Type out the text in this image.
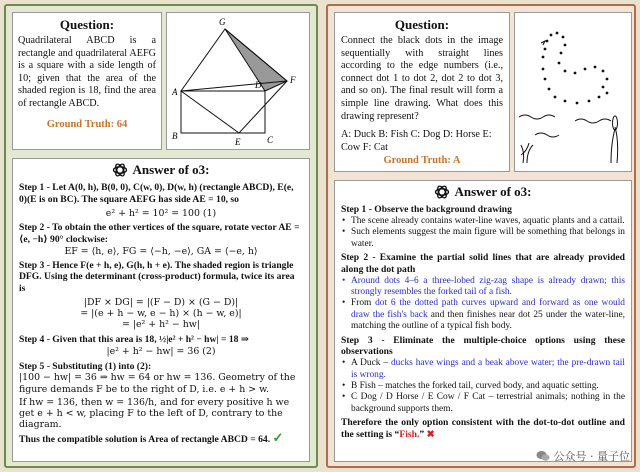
Question:
Quadrilateral ABCD is a rectangle and quadrilateral AEFG is a square with a side length of 10; given that the area of the shaded region is 18, find the area of rectangle ABCD.
Ground Truth: 64
G
A
D	F
B
E	C
Answer of o3:
Step 1 - Let A(0, h), B(0, 0), C(w, 0), D(w, h) (rectangle ABCD), E(e, 0)(E is on BC). The square AEFG has side AE = 10, so
e² + h² = 10² = 100 (1)
Step 2 - To obtain the other vertices of the square, rotate vector AE = ⟨e, −h⟩ 90° clockwise:
EF = ⟨h, e⟩, FG = ⟨−h, −e⟩, GA = ⟨−e, h⟩
Step 3 - Hence F(e + h, e), G(h, h + e). The shaded region is triangle DFG. Using the determinant (cross-product) formula, twice its area is
|DF × DG| = |(F − D) × (G − D)|
= |(e + h − w, e − h) × (h − w, e)|
= |e² + h² − hw|
Step 4 - Given that this area is 18, ½|e² + h² − hw| = 18 ⇒
|e² + h² − hw| = 36 (2)
Step 5 - Substituting (1) into (2):
|100 − hw| = 36 ⇒ hw = 64 or hw = 136. Geometry of the figure demands F be to the right of D, i.e. e + h > w.
If hw = 136, then w = 136/h, and for every positive h we get e + h < w, placing F to the left of D, contrary to the diagram.
Thus the compatible solution is Area of rectangle ABCD = 64. ✓
Question:
Connect the black dots in the image sequentially with straight lines according to the edge numbers (i.e., connect dot 1 to dot 2, dot 2 to dot 3, and so on). The final result will form a simple line drawing. What does this drawing represent?
A: Duck B: Fish C: Dog D: Horse E: Cow F: Cat
Ground Truth: A
Answer of o3:
Step 1 - Observe the background drawing
• The scene already contains water-line waves, aquatic plants and a cattail.
• Such elements suggest the main figure will be something that belongs in water.
Step 2 - Examine the partial solid lines that are already provided along the dot path
• Around dots 4–6 a three-lobed zig-zag shape is already drawn; this strongly resembles the forked tail of a fish.
• From dot 6 the dotted path curves upward and forward as one would draw the fish's back and then finishes near dot 25 under the water-line, matching the outline of a typical fish body.
Step 3 - Eliminate the multiple-choice options using these observations
• A Duck – ducks have wings and a beak above water; the pre-drawn tail is wrong.
• B Fish – matches the forked tail, curved body, and aquatic setting.
• C Dog / D Horse / E Cow / F Cat – terrestrial animals; nothing in the background supports them.
Therefore the only option consistent with the dot-to-dot outline and the setting is “Fish.” ✖
公众号 · 量子位
